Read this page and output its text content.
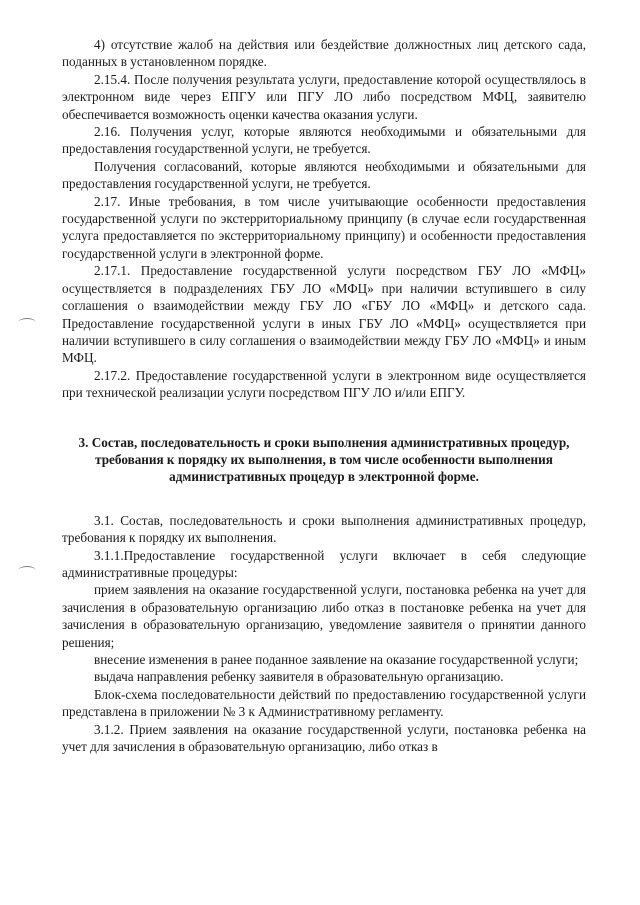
4) отсутствие жалоб на действия или бездействие должностных лиц детского сада, поданных в установленном порядке.

2.15.4. После получения результата услуги, предоставление которой осуществлялось в электронном виде через ЕПГУ или ПГУ ЛО либо посредством МФЦ, заявителю обеспечивается возможность оценки качества оказания услуги.

2.16. Получения услуг, которые являются необходимыми и обязательными для предоставления государственной услуги, не требуется.

Получения согласований, которые являются необходимыми и обязательными для предоставления государственной услуги, не требуется.

2.17. Иные требования, в том числе учитывающие особенности предоставления государственной услуги по экстерриториальному принципу (в случае если государственная услуга предоставляется по экстерриториальному принципу) и особенности предоставления государственной услуги в электронной форме.

2.17.1. Предоставление государственной услуги посредством ГБУ ЛО «МФЦ» осуществляется в подразделениях ГБУ ЛО «МФЦ» при наличии вступившего в силу соглашения о взаимодействии между ГБУ ЛО «ГБУ ЛО «МФЦ» и детского сада. Предоставление государственной услуги в иных ГБУ ЛО «МФЦ» осуществляется при наличии вступившего в силу соглашения о взаимодействии между ГБУ ЛО «МФЦ» и иным МФЦ.

2.17.2. Предоставление государственной услуги в электронном виде осуществляется при технической реализации услуги посредством ПГУ ЛО и/или ЕПГУ.

3. Состав, последовательность и сроки выполнения административных процедур, требования к порядку их выполнения, в том числе особенности выполнения административных процедур в электронной форме.

3.1. Состав, последовательность и сроки выполнения административных процедур, требования к порядку их выполнения.

3.1.1.Предоставление государственной услуги включает в себя следующие административные процедуры:

прием заявления на оказание государственной услуги, постановка ребенка на учет для зачисления в образовательную организацию либо отказ в постановке ребенка на учет для зачисления в образовательную организацию, уведомление заявителя о принятии данного решения;

внесение изменения в ранее поданное заявление на оказание государственной услуги;

выдача направления ребенку заявителя в образовательную организацию.

Блок-схема последовательности действий по предоставлению государственной услуги представлена в приложении № 3 к Административному регламенту.

3.1.2. Прием заявления на оказание государственной услуги, постановка ребенка на учет для зачисления в образовательную организацию, либо отказ в
